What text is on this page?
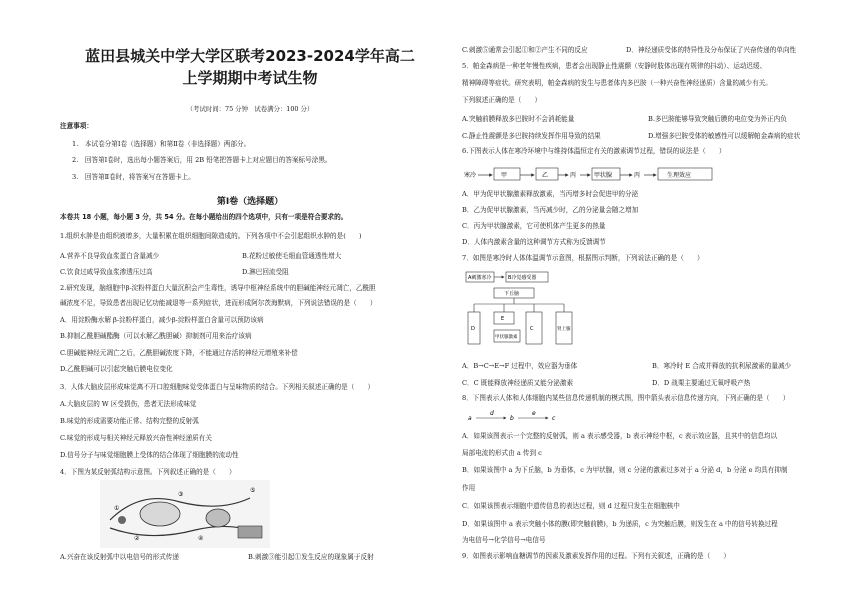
蓝田县城关中学大学区联考2023-2024学年高二
上学期期中考试生物
（考试时间：75 分钟　试卷满分：100 分）
注意事项：
1.　本试卷分第Ⅰ卷（选择题）和第Ⅱ卷（非选择题）两部分。
2.　回答第Ⅰ卷时，选出每小题答案后，用 2B 铅笔把答题卡上对应题目的答案标号涂黑。
3.　回答第Ⅱ卷时，将答案写在答题卡上。
第Ⅰ卷（选择题）
本卷共 18 小题，每小题 3 分，共 54 分。在每小题给出的四个选项中，只有一项是符合要求的。
1.组织水肿是由组织液增多，大量积累在组织细胞间隙造成的。下列各项中不会引起组织水肿的是(　　)
A.营养不良导致血浆蛋白含量减少	B.花粉过敏使毛细血管通透性增大
C.饮食过咸导致血浆渗透压过高	D.淋巴回流受阻
2.研究发现，脑细胞中β-淀粉样蛋白大量沉积会产生毒性，诱导中枢神经系统中的胆碱能神经元凋亡，乙酰胆
碱浓度不足，导致患者出现记忆功能减退等一系列症状，进而形成阿尔茨海默病，下列说法错误的是（　　）
A．用淀粉酶水解 β-淀粉样蛋白，减少β-淀粉样蛋白含量可以预防该病
B.抑制乙酰胆碱酯酶（可以水解乙酰胆碱）抑制剂可用来治疗该病
C.胆碱能神经元凋亡之后，乙酰胆碱浓度下降，不能通过存活的神经元增殖来补偿
D.乙酰胆碱可以引起突触后膜电位变化
3．人体大脑皮层形成味觉离不开口腔细胞味觉受体蛋白与呈味物质的结合。下列相关叙述正确的是（　　）
A.大脑皮层的 W 区受损伤，患者无法形成味觉
B.味觉的形成需要功能正常、结构完整的反射弧
C.味觉的形成与相关神经元释放兴奋性神经递质有关
D.信号分子与味觉细胞膜上受体的结合体现了细胞膜的流动性
4．下图为某反射弧结构示意图。下列叙述正确的是（　　）
①
②
③
④
⑤
A.兴奋在该反射弧中以电信号的形式传递	B.刺激③能引起①发生反应的现象属于反射
C.刺激⑤通常会引起①和②产生不同的反应	D．神经递质受体的特异性及分布保证了兴奋传递的单向性
5．帕金森病是一种老年慢性疾病，患者会出现静止性震颤（安静时肢体出现有规律的抖动）、运动迟缓、
精神障碍等症状。研究表明，帕金森病的发生与患者体内多巴胺（一种兴奋性神经递质）含量的减少有关。
下列叙述正确的是（　　）
A.突触前膜释放多巴胺时不会消耗能量	B.多巴胺能够导致突触后膜的电位变为外正内负
C.静止性震颤是多巴胺持续发挥作用导致的结果	D.增强多巴胺受体的敏感性可以缓解帕金森病的症状
6.下图表示人体在寒冷环境中与维持体温恒定有关的激素调节过程，错误的说法是（　　）
寒冷	甲	乙	丙	甲状腺	丙	生理效应
A．甲为促甲状腺激素释放激素，当丙增多时会促进甲的分泌
B．乙为促甲状腺激素，当丙减少时，乙的分泌量会随之增加
C．丙为甲状腺激素，它可使机体产生更多的热量
D．人体内激素含量的这种调节方式称为反馈调节
7．如图是寒冷时人体体温调节示意图，根据图示判断，下列说法正确的是（　　）
A刺激寒冷	B冷觉感受器
下丘脑
D
E
甲状腺激素
C	肾上腺
A．B→C→E→F 过程中，效应器为垂体	B．寒冷时 E 合成并释放的抗利尿激素的量减少
C．C 既能释放神经递质又能分泌激素	D．D 战栗主要通过无氧呼吸产热
8．下图表示人体和人体细胞内某些信息传递机制的模式图，图中箭头表示信息传递方向，下列正确的是（　　）
a
d
b
e
c
A．如果该图表示一个完整的反射弧，则 a 表示感受器，b 表示神经中枢，c 表示效应器，且其中的信息均以
局部电流的形式由 a 传到 c
B．如果该图中 a 为下丘脑，b 为垂体，c 为甲状腺，则 c 分泌的激素过多对于 a 分泌 d，b 分泌 e 均具有抑制
作用
C．如果该图表示细胞中遗传信息的表达过程，则 d 过程只发生在细胞核中
D．如果该图中 a 表示突触小体的膜(即突触前膜)，b 为递质，c 为突触后膜，则发生在 a 中的信号转换过程
为电信号→化学信号→电信号
9．如图表示影响血糖调节的因素及激素发挥作用的过程。下列有关叙述，正确的是（　　）
